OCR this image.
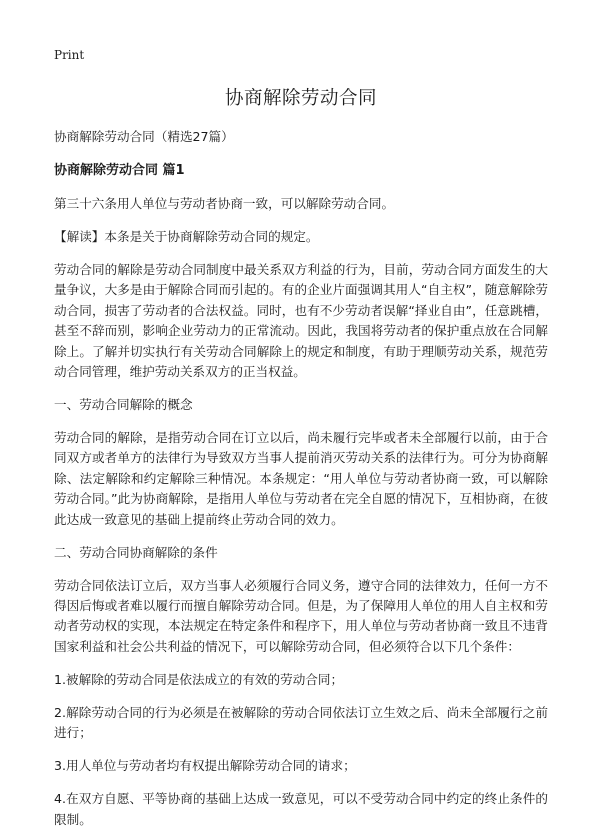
Print
协商解除劳动合同
协商解除劳动合同（精选27篇）
协商解除劳动合同 篇1

第三十六条用人单位与劳动者协商一致，可以解除劳动合同。

【解读】本条是关于协商解除劳动合同的规定。

劳动合同的解除是劳动合同制度中最关系双方利益的行为，目前，劳动合同方面发生的大量争议，大多是由于解除合同而引起的。有的企业片面强调其用人“自主权”，随意解除劳动合同，损害了劳动者的合法权益。同时，也有不少劳动者误解“择业自由”，任意跳槽，甚至不辞而别，影响企业劳动力的正常流动。因此，我国将劳动者的保护重点放在合同解除上。了解并切实执行有关劳动合同解除上的规定和制度，有助于理顺劳动关系，规范劳动合同管理，维护劳动关系双方的正当权益。

一、劳动合同解除的概念

劳动合同的解除，是指劳动合同在订立以后，尚未履行完毕或者未全部履行以前，由于合同双方或者单方的法律行为导致双方当事人提前消灭劳动关系的法律行为。可分为协商解除、法定解除和约定解除三种情况。本条规定：“用人单位与劳动者协商一致，可以解除劳动合同。”此为协商解除，是指用人单位与劳动者在完全自愿的情况下，互相协商，在彼此达成一致意见的基础上提前终止劳动合同的效力。

二、劳动合同协商解除的条件

劳动合同依法订立后，双方当事人必须履行合同义务，遵守合同的法律效力，任何一方不得因后悔或者难以履行而擅自解除劳动合同。但是，为了保障用人单位的用人自主权和劳动者劳动权的实现，本法规定在特定条件和程序下，用人单位与劳动者协商一致且不违背国家利益和社会公共利益的情况下，可以解除劳动合同，但必须符合以下几个条件：

1.被解除的劳动合同是依法成立的有效的劳动合同；

2.解除劳动合同的行为必须是在被解除的劳动合同依法订立生效之后、尚未全部履行之前进行；

3.用人单位与劳动者均有权提出解除劳动合同的请求；

4.在双方自愿、平等协商的基础上达成一致意见，可以不受劳动合同中约定的终止条件的限制。
